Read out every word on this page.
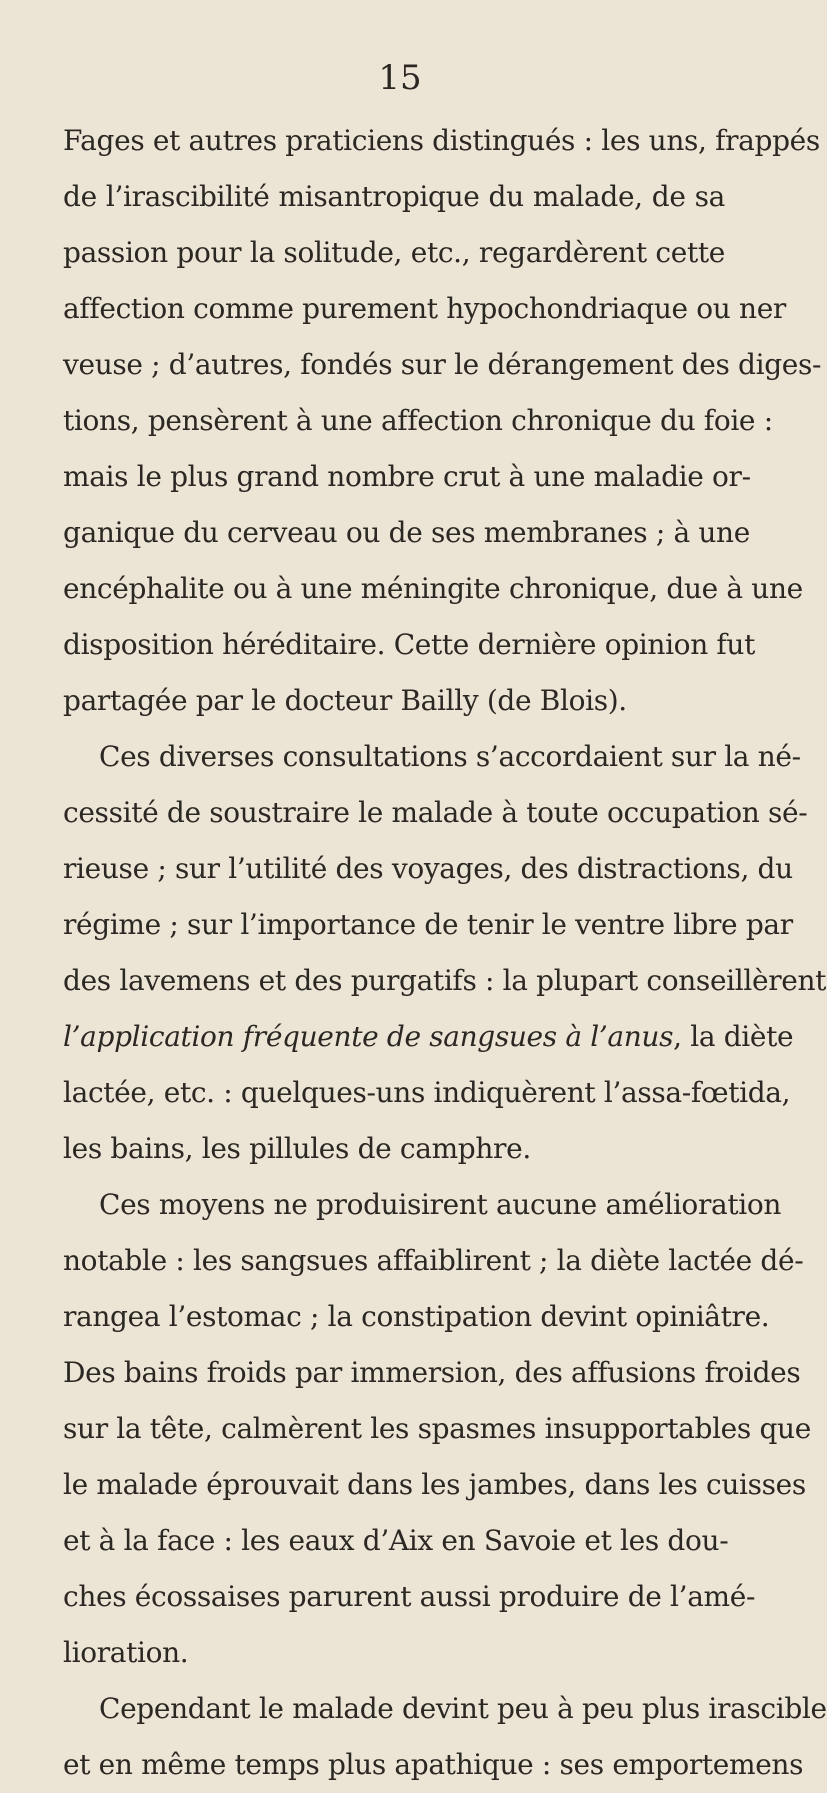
15
Fages et autres praticiens distingués : les uns, frappés
de l’irascibilité misantropique du malade, de sa
passion pour la solitude, etc., regardèrent cette
affection comme purement hypochondriaque ou ner
veuse ; d’autres, fondés sur le dérangement des diges-
tions, pensèrent à une affection chronique du foie :
mais le plus grand nombre crut à une maladie or-
ganique du cerveau ou de ses membranes ; à une
encéphalite ou à une méningite chronique, due à une
disposition héréditaire. Cette dernière opinion fut
partagée par le docteur Bailly (de Blois).
Ces diverses consultations s’accordaient sur la né-
cessité de soustraire le malade à toute occupation sé-
rieuse ; sur l’utilité des voyages, des distractions, du
régime ; sur l’importance de tenir le ventre libre par
des lavemens et des purgatifs : la plupart conseillèrent
l’application fréquente de sangsues à l’anus, la diète
lactée, etc. : quelques-uns indiquèrent l’assa-fœtida,
les bains, les pillules de camphre.
Ces moyens ne produisirent aucune amélioration
notable : les sangsues affaiblirent ; la diète lactée dé-
rangea l’estomac ; la constipation devint opiniâtre.
Des bains froids par immersion, des affusions froides
sur la tête, calmèrent les spasmes insupportables que
le malade éprouvait dans les jambes, dans les cuisses
et à la face : les eaux d’Aix en Savoie et les dou-
ches écossaises parurent aussi produire de l’amé-
lioration.
Cependant le malade devint peu à peu plus irascible
et en même temps plus apathique : ses emportemens
